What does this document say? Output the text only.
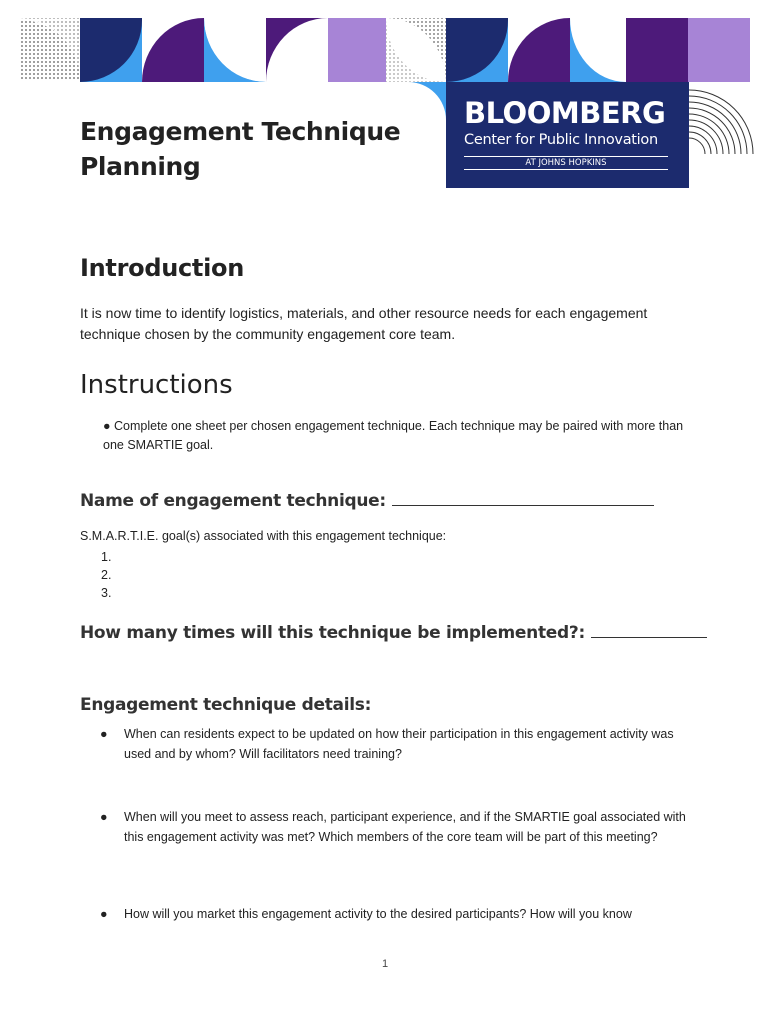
Engagement Technique
Planning
BLOOMBERG
Center for Public Innovation
AT JOHNS HOPKINS
Introduction

It is now time to identify logistics, materials, and other resource needs for each engagement technique chosen by the community engagement core team.

Instructions
● Complete one sheet per chosen engagement technique. Each technique may be paired with more than one SMARTIE goal.
Name of engagement technique:
S.M.A.R.T.I.E. goal(s) associated with this engagement technique:
1.
2.
3.
How many times will this technique be implemented?:
Engagement technique details:
● When can residents expect to be updated on how their participation in this engagement activity was used and by whom? Will facilitators need training?
● When will you meet to assess reach, participant experience, and if the SMARTIE goal associated with this engagement activity was met? Which members of the core team will be part of this meeting?
● How will you market this engagement activity to the desired participants? How will you know
1
